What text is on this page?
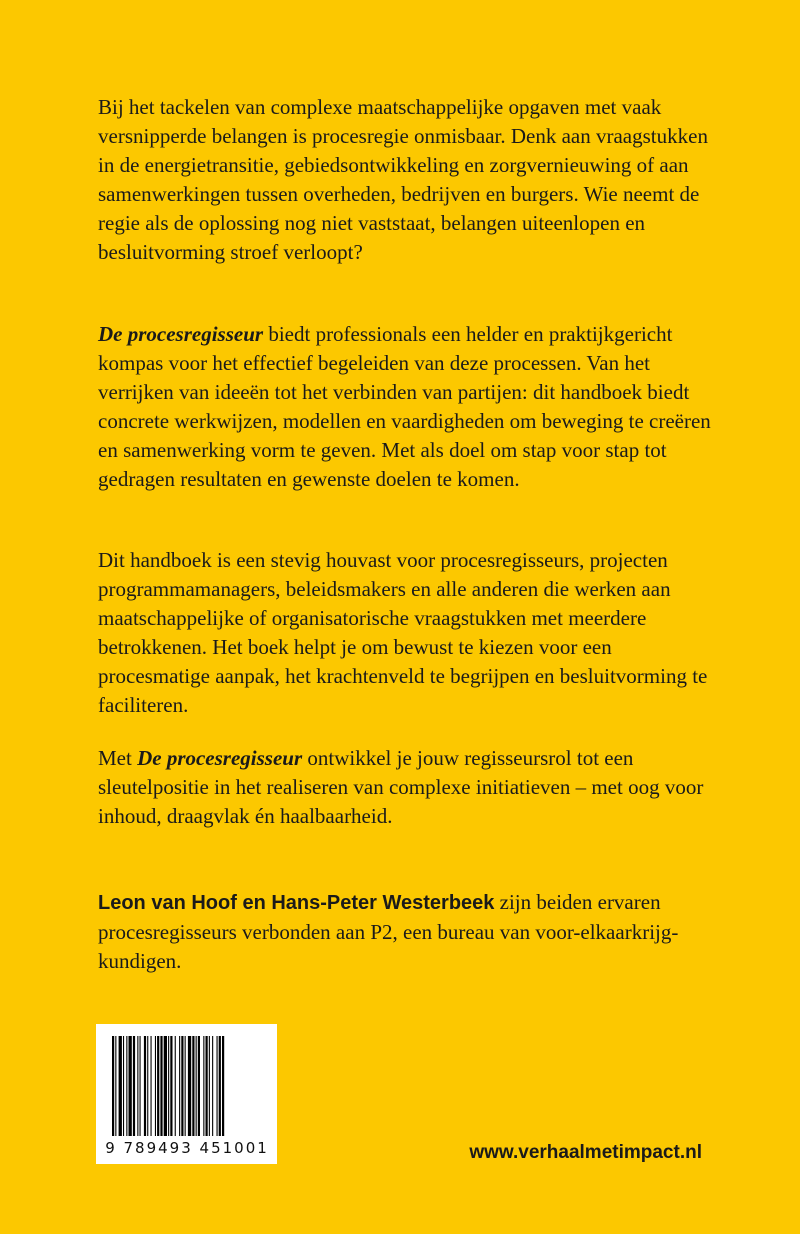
Bij het tackelen van complexe maatschappelijke opgaven met vaak versnipperde belangen is procesregie onmisbaar. Denk aan vraagstukken in de energietransitie, gebiedsontwikkeling en zorgvernieuwing of aan samenwerkingen tussen overheden, bedrijven en burgers. Wie neemt de regie als de oplossing nog niet vaststaat, belangen uiteenlopen en besluitvorming stroef verloopt?

De procesregisseur biedt professionals een helder en praktijkgericht kompas voor het effectief begeleiden van deze processen. Van het verrijken van ideeën tot het verbinden van partijen: dit handboek biedt concrete werkwijzen, modellen en vaardigheden om beweging te creëren en samenwerking vorm te geven. Met als doel om stap voor stap tot gedragen resultaten en gewenste doelen te komen.

Dit handboek is een stevig houvast voor procesregisseurs, projecten programmamanagers, beleidsmakers en alle anderen die werken aan maatschappelijke of organisatorische vraagstukken met meerdere betrokkenen. Het boek helpt je om bewust te kiezen voor een procesmatige aanpak, het krachtenveld te begrijpen en besluitvorming te faciliteren.

Met De procesregisseur ontwikkel je jouw regisseursrol tot een sleutelpositie in het realiseren van complexe initiatieven – met oog voor inhoud, draagvlak én haalbaarheid.

Leon van Hoof en Hans-Peter Westerbeek zijn beiden ervaren procesregisseurs verbonden aan P2, een bureau van voor-elkaarkrijg-kundigen.

9 789493 451001	www.verhaalmetimpact.nl
